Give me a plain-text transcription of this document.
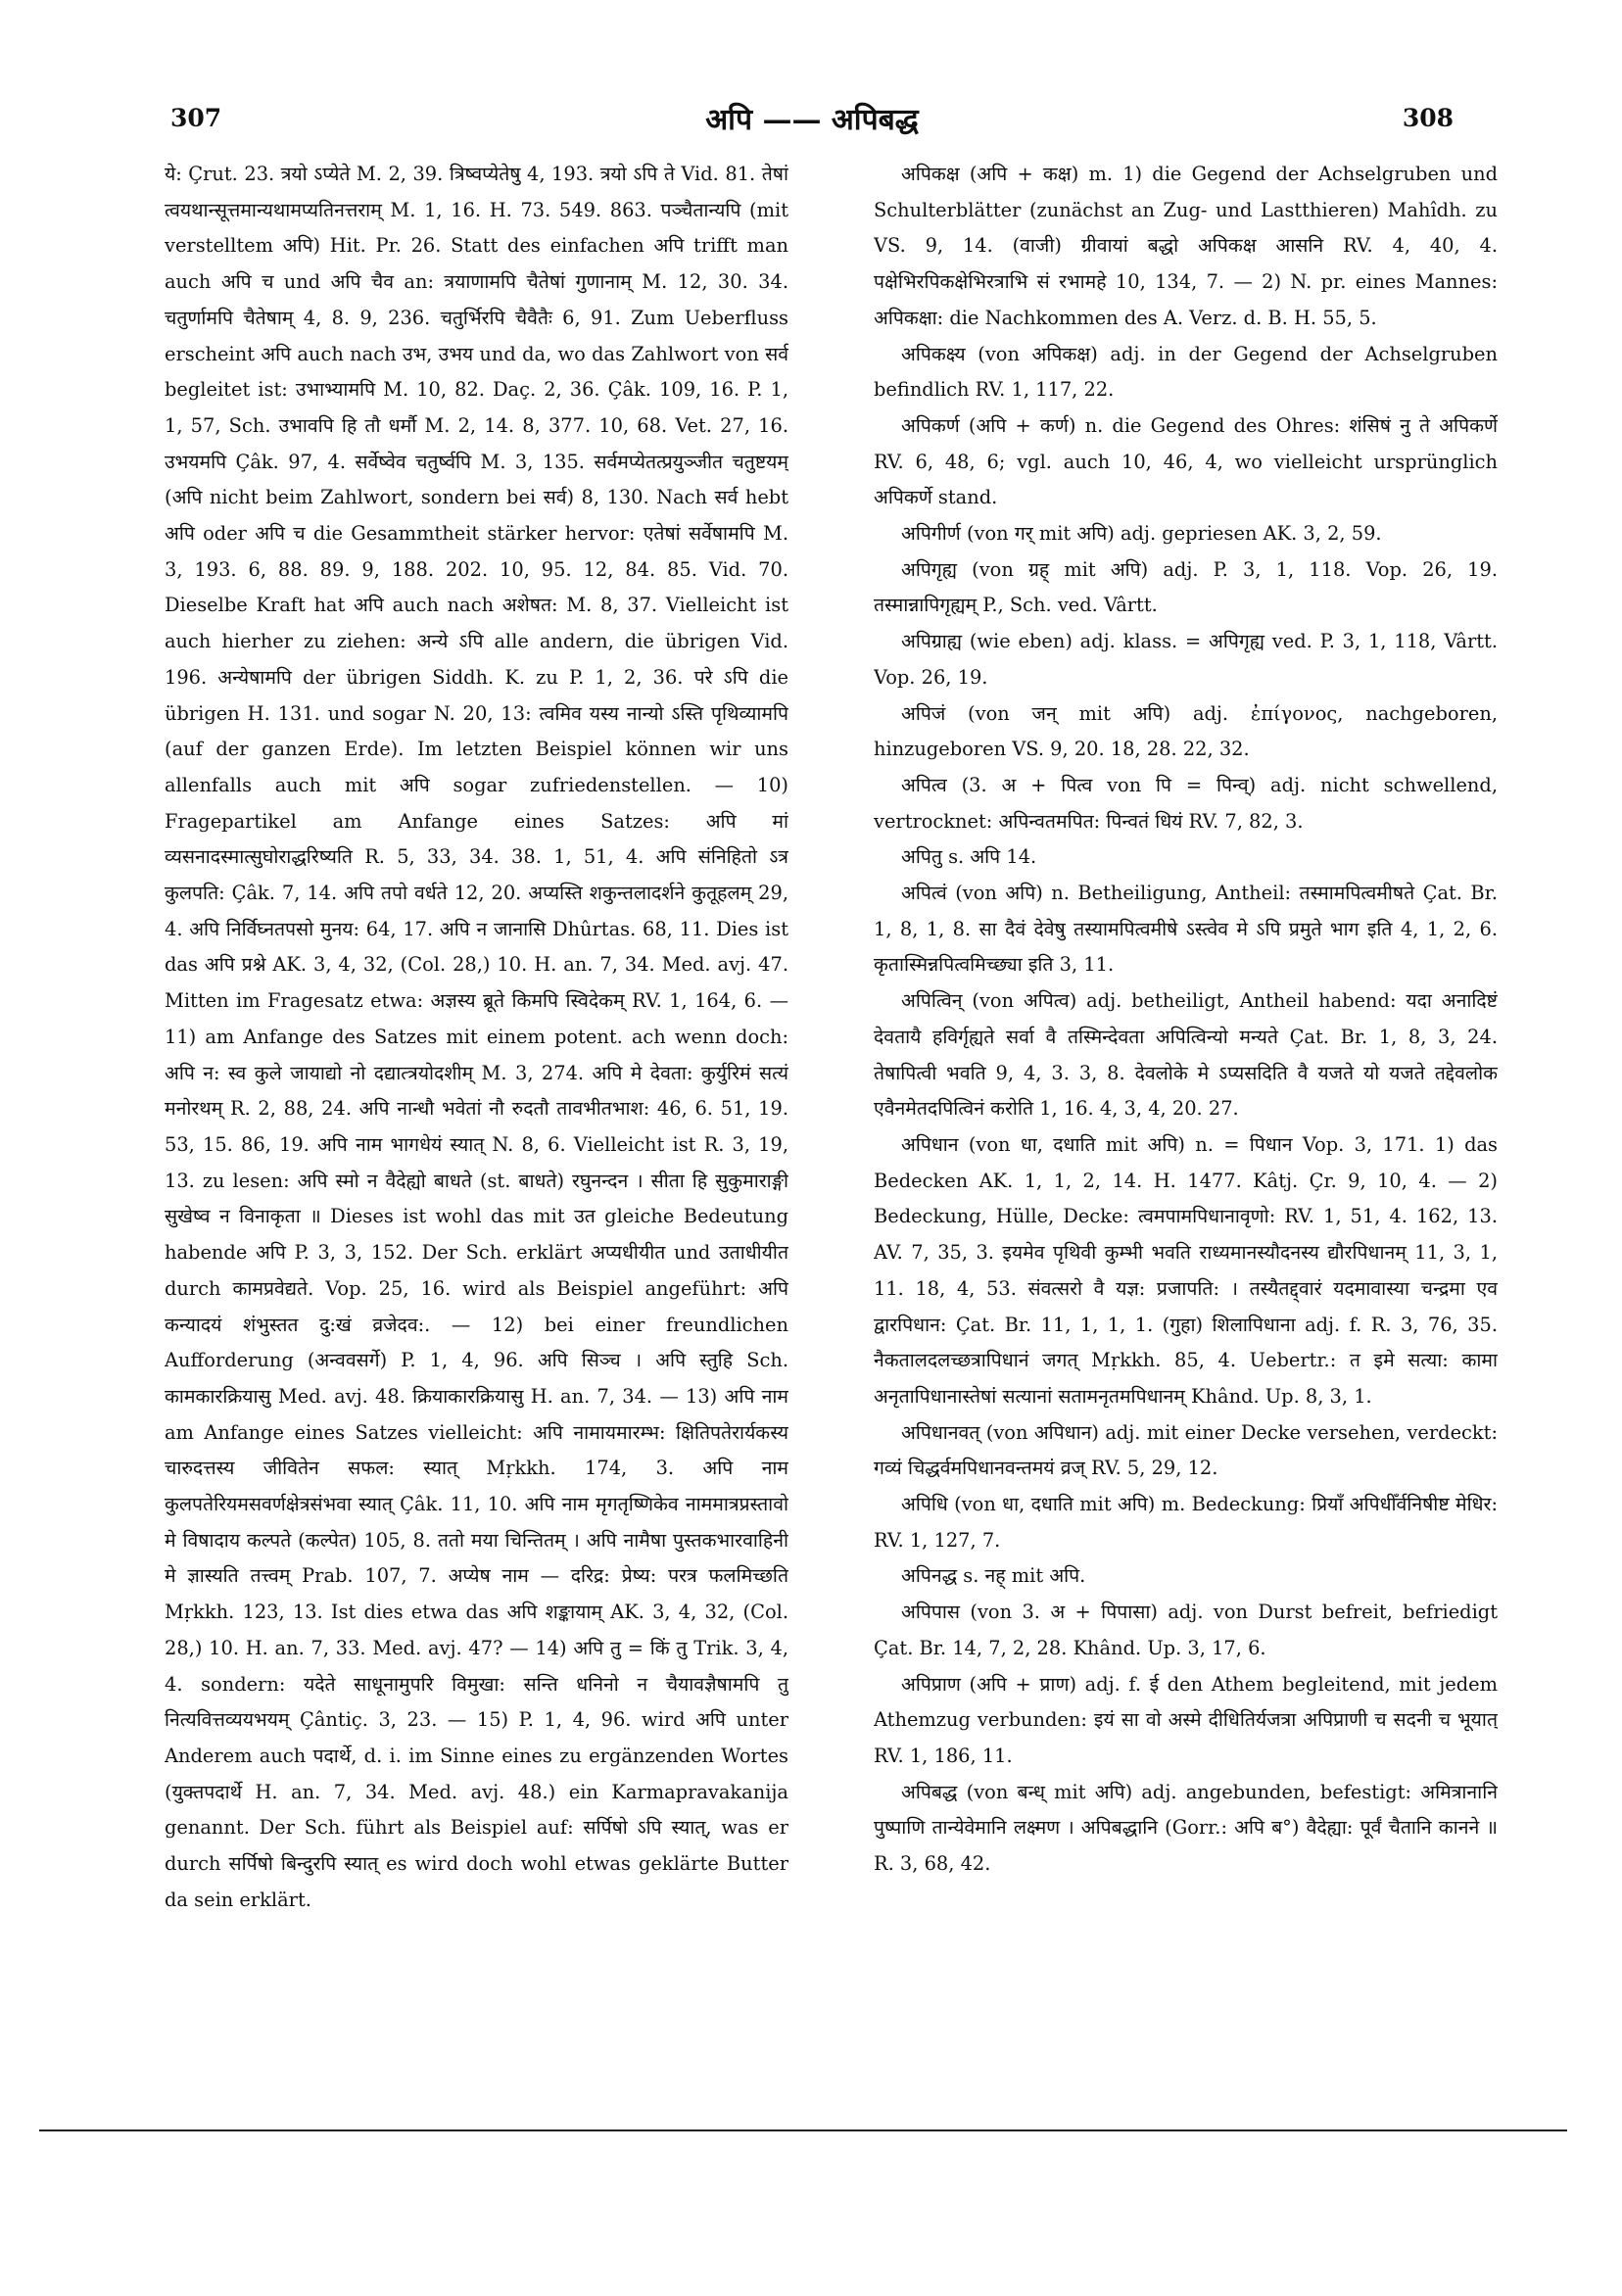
307	अपि —— अपिबद्ध	308

ये: Çrut. 23. त्रयो ऽप्येते M. 2, 39. त्रिष्वप्येतेषु 4, 193. त्रयो ऽपि ते Vid. 81. तेषां त्वयथान्सूत्तमान्यथामप्यतिनत्तराम् M. 1, 16. H. 73. 549. 863. पञ्चैतान्यपि (mit verstelltem अपि) Hit. Pr. 26. Statt des einfachen अपि trifft man auch अपि च und अपि चैव an: त्रयाणामपि चैतेषां गुणानाम् M. 12, 30. 34. चतुर्णामपि चैतेषाम् 4, 8. 9, 236. चतुर्भिरपि चैवैतैः 6, 91. Zum Ueberfluss erscheint अपि auch nach उभ, उभय und da, wo das Zahlwort von सर्व begleitet ist: उभाभ्यामपि M. 10, 82. Daç. 2, 36. Çâk. 109, 16. P. 1, 1, 57, Sch. उभावपि हि तौ धर्मौ M. 2, 14. 8, 377. 10, 68. Vet. 27, 16. उभयमपि Çâk. 97, 4. सर्वेष्वेव चतुर्ष्वपि M. 3, 135. सर्वमप्येतत्प्रयुञ्जीत चतुष्टयम् (अपि nicht beim Zahlwort, sondern bei सर्व) 8, 130. Nach सर्व hebt अपि oder अपि च die Gesammtheit stärker hervor: एतेषां सर्वेषामपि M. 3, 193. 6, 88. 89. 9, 188. 202. 10, 95. 12, 84. 85. Vid. 70. Dieselbe Kraft hat अपि auch nach अशेषत: M. 8, 37. Vielleicht ist auch hierher zu ziehen: अन्ये ऽपि alle andern, die übrigen Vid. 196. अन्येषामपि der übrigen Siddh. K. zu P. 1, 2, 36. परे ऽपि die übrigen H. 131. und sogar N. 20, 13: त्वमिव यस्य नान्यो ऽस्ति पृथिव्यामपि (auf der ganzen Erde). Im letzten Beispiel können wir uns allenfalls auch mit अपि sogar zufriedenstellen. — 10) Fragepartikel am Anfange eines Satzes: अपि मां व्यसनादस्मात्सुघोराद्धरिष्यति R. 5, 33, 34. 38. 1, 51, 4. अपि संनिहितो ऽत्र कुलपति: Çâk. 7, 14. अपि तपो वर्धते 12, 20. अप्यस्ति शकुन्तलादर्शने कुतूहलम् 29, 4. अपि निर्विघ्नतपसो मुनय: 64, 17. अपि न जानासि Dhûrtas. 68, 11. Dies ist das अपि प्रश्ने AK. 3, 4, 32, (Col. 28,) 10. H. an. 7, 34. Med. avj. 47. Mitten im Fragesatz etwa: अज्ञस्य ब्रूते किमपि स्विदेकम् RV. 1, 164, 6. — 11) am Anfange des Satzes mit einem potent. ach wenn doch: अपि न: स्व कुले जायाद्यो नो दद्यात्त्रयोदशीम् M. 3, 274. अपि मे देवता: कुर्युरिमं सत्यं मनोरथम् R. 2, 88, 24. अपि नान्धौ भवेतां नौ रुदतौ तावभीतभाश: 46, 6. 51, 19. 53, 15. 86, 19. अपि नाम भागधेयं स्यात् N. 8, 6. Vielleicht ist R. 3, 19, 13. zu lesen: अपि स्मो न वैदेह्यो बाधते (st. बाधते) रघुनन्दन । सीता हि सुकुमाराङ्गी सुखेष्व न विनाकृता ॥ Dieses ist wohl das mit उत gleiche Bedeutung habende अपि P. 3, 3, 152. Der Sch. erklärt अप्यधीयीत und उताधीयीत durch कामप्रवेद्यते. Vop. 25, 16. wird als Beispiel angeführt: अपि कन्यादयं शंभुस्तत दु:खं व्रजेदव:. — 12) bei einer freundlichen Aufforderung (अन्ववसर्गे) P. 1, 4, 96. अपि सिञ्च । अपि स्तुहि Sch. कामकारक्रियासु Med. avj. 48. क्रियाकारक्रियासु H. an. 7, 34. — 13) अपि नाम am Anfange eines Satzes vielleicht: अपि नामायमारम्भ: क्षितिपतेरार्यकस्य चारुदत्तस्य जीवितेन सफल: स्यात् Mṛkkh. 174, 3. अपि नाम कुलपतेरियमसवर्णक्षेत्रसंभवा स्यात् Çâk. 11, 10. अपि नाम मृगतृष्णिकेव नाममात्रप्रस्तावो मे विषादाय कल्पते (कल्पेत) 105, 8. ततो मया चिन्तितम् । अपि नामैषा पुस्तकभारवाहिनी मे ज्ञास्यति तत्त्वम् Prab. 107, 7. अप्येष नाम — दरिद्र: प्रेष्य: परत्र फलमिच्छति Mṛkkh. 123, 13. Ist dies etwa das अपि शङ्कायाम् AK. 3, 4, 32, (Col. 28,) 10. H. an. 7, 33. Med. avj. 47? — 14) अपि तु = किं तु Trik. 3, 4, 4. sondern: यदेते साधूनामुपरि विमुखा: सन्ति धनिनो न चैयावज्ञैषामपि तु नित्यवित्तव्ययभयम् Çântiç. 3, 23. — 15) P. 1, 4, 96. wird अपि unter Anderem auch पदार्थे, d. i. im Sinne eines zu ergänzenden Wortes (युक्तपदार्थे H. an. 7, 34. Med. avj. 48.) ein Karmapravakanija genannt. Der Sch. führt als Beispiel auf: सर्पिषो ऽपि स्यात्, was er durch सर्पिषो बिन्दुरपि स्यात् es wird doch wohl etwas geklärte Butter da sein erklärt.

अपिकक्ष (अपि + कक्ष) m. 1) die Gegend der Achselgruben und Schulterblätter (zunächst an Zug- und Lastthieren) Mahîdh. zu VS. 9, 14. (वाजी) ग्रीवायां बद्धो अपिकक्ष आसनि RV. 4, 40, 4. पक्षेभिरपिकक्षेभिरत्राभि सं रभामहे 10, 134, 7. — 2) N. pr. eines Mannes: अपिकक्षा: die Nachkommen des A. Verz. d. B. H. 55, 5.

अपिकक्ष्य (von अपिकक्ष) adj. in der Gegend der Achselgruben befindlich RV. 1, 117, 22.

अपिकर्ण (अपि + कर्ण) n. die Gegend des Ohres: शंसिषं नु ते अपिकर्णे RV. 6, 48, 6; vgl. auch 10, 46, 4, wo vielleicht ursprünglich अपिकर्णे stand.

अपिगीर्ण (von गर् mit अपि) adj. gepriesen AK. 3, 2, 59.

अपिगृह्य (von ग्रह् mit अपि) adj. P. 3, 1, 118. Vop. 26, 19. तस्मान्नापिगृह्यम् P., Sch. ved. Vârtt.

अपिग्राह्य (wie eben) adj. klass. = अपिगृह्य ved. P. 3, 1, 118, Vârtt. Vop. 26, 19.

अपिजं (von जन् mit अपि) adj. ἐπίγονος, nachgeboren, hinzugeboren VS. 9, 20. 18, 28. 22, 32.

अपित्व (3. अ + पित्व von पि = पिन्व्) adj. nicht schwellend, vertrocknet: अपिन्वतमपित: पिन्वतं धियं RV. 7, 82, 3.

अपितु s. अपि 14.

अपित्वं (von अपि) n. Betheiligung, Antheil: तस्मामपित्वमीषते Çat. Br. 1, 8, 1, 8. सा दैवं देवेषु तस्यामपित्वमीषे ऽस्त्वेव मे ऽपि प्रमुते भाग इति 4, 1, 2, 6. कृतास्मिन्नपित्वमिच्छ्या इति 3, 11.

अपित्विन् (von अपित्व) adj. betheiligt, Antheil habend: यदा अनादिष्टं देवतायै हविर्गृह्यते सर्वा वै तस्मिन्देवता अपित्विन्यो मन्यते Çat. Br. 1, 8, 3, 24. तेषापित्वी भवति 9, 4, 3. 3, 8. देवलोके मे ऽप्यसदिति वै यजते यो यजते तद्देवलोक एवैनमेतदपित्विनं करोति 1, 16. 4, 3, 4, 20. 27.

अपिधान (von धा, दधाति mit अपि) n. = पिधान Vop. 3, 171. 1) das Bedecken AK. 1, 1, 2, 14. H. 1477. Kâtj. Çr. 9, 10, 4. — 2) Bedeckung, Hülle, Decke: त्वमपामपिधानावृणो: RV. 1, 51, 4. 162, 13. AV. 7, 35, 3. इयमेव पृथिवी कुम्भी भवति राध्यमानस्यौदनस्य द्यौरपिधानम् 11, 3, 1, 11. 18, 4, 53. संवत्सरो वै यज्ञ: प्रजापति: । तस्यैतद्द्वारं यदमावास्या चन्द्रमा एव द्वारपिधान: Çat. Br. 11, 1, 1, 1. (गुहा) शिलापिधाना adj. f. R. 3, 76, 35. नैकतालदलच्छत्रापिधानं जगत् Mṛkkh. 85, 4. Uebertr.: त इमे सत्या: कामा अनृतापिधानास्तेषां सत्यानां सतामनृतमपिधानम् Khând. Up. 8, 3, 1.

अपिधानवत् (von अपिधान) adj. mit einer Decke versehen, verdeckt: गव्यं चिद्धर्वमपिधानवन्तमयं व्रज् RV. 5, 29, 12.

अपिधि (von धा, दधाति mit अपि) m. Bedeckung: प्रियाँ अपिधीँर्वनिषीष्ट मेधिर: RV. 1, 127, 7.

अपिनद्ध s. नह् mit अपि.

अपिपास (von 3. अ + पिपासा) adj. von Durst befreit, befriedigt Çat. Br. 14, 7, 2, 28. Khând. Up. 3, 17, 6.

अपिप्राण (अपि + प्राण) adj. f. ई den Athem begleitend, mit jedem Athemzug verbunden: इयं सा वो अस्मे दीधितिर्यजत्रा अपिप्राणी च सदनी च भूयात् RV. 1, 186, 11.

अपिबद्ध (von बन्ध् mit अपि) adj. angebunden, befestigt: अमित्रानानि पुष्पाणि तान्येवेमानि लक्ष्मण । अपिबद्धानि (Gorr.: अपि ब°) वैदेह्या: पूर्वं चैतानि कानने ॥ R. 3, 68, 42.
